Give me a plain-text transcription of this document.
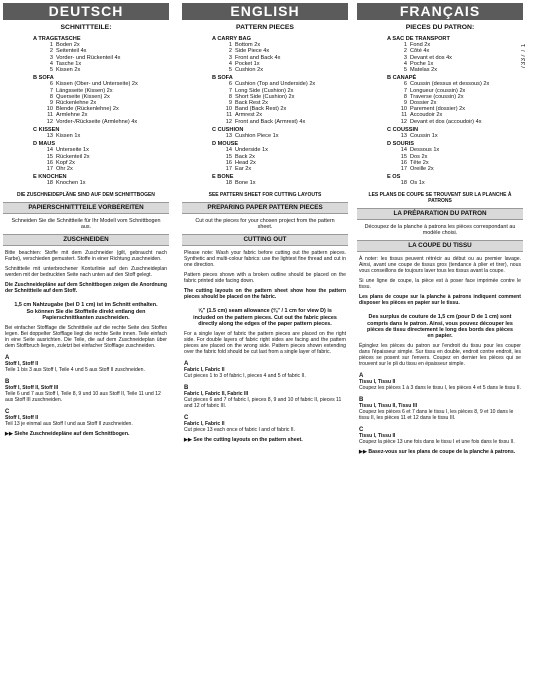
7337 / 1
DEUTSCH
SCHNITTTEILE:
A TRAGETASCHE
1 Boden 2x
2 Seitenteil 4x
3 Vorder- und Rückenteil 4x
4 Tasche 1x
5 Kissen 2x
B SOFA
6 Kissen (Ober- und Unterseite) 2x
7 Längsseite (Kissen) 2x
8 Querseite (Kissen) 2x
9 Rückenlehne 2x
10 Blende (Rückenlehne) 2x
11 Armlehne 2x
12 Vorder-/Rückseite (Armlehne) 4x
C KISSEN
13 Kissen 1x
D MAUS
14 Unterseite 1x
15 Rückenteil 2x
16 Kopf 2x
17 Ohr 2x
E KNOCHEN
18 Knochen 1x
DIE ZUSCHNEIDEPLÄNE SIND AUF DEM SCHNITTBOGEN
PAPIERSCHNITTTEILE VORBEREITEN
Schneiden Sie die Schnittteile für Ihr Modell vom Schnittbogen aus.
ZUSCHNEIDEN
Bitte beachten: Stoffe mit dem Zuschneider (gilt, gebraucht nach Farbe), verschieden gemustert. Stoffe in einer Richtung zuschneiden.
Schnittteile mit unterbrochener Konturlinie auf den Zuschneideplan werden mit der bedruckten Seite nach unten auf den Stoff gelegt.
Die Zuschneidepläne auf dem Schnittbogen zeigen die Anordnung der Schnittteile auf dem Stoff.
1,5 cm Nahtzugabe (bei D 1 cm) ist im Schnitt enthalten. So können Sie die Stoffteile direkt entlang den Papierschnittkanten zuschneiden.
Bei einfacher Stofflage die Schnittteile auf die rechte Seite des Stoffes legen. Bei doppelter Stofflage liegt die rechte Seite innen. Teile einfach in eine Seite ausrichten. Die Teile, die auf dem Zuschneideplan über dem Stoffbruch liegen, zuletzt bei einfacher Stofflage zuschneiden.
A
Stoff I, Stoff II
Teile 1 bis 3 aus Stoff I, Teile 4 und 5 aus Stoff II zuschneiden.
B
Stoff I, Stoff II, Stoff III
Teile 6 und 7 aus Stoff I, Teile 8, 9 und 10 aus Stoff II, Teile 11 und 12 aus Stoff III zuschneiden.
C
Stoff I, Stoff II
Teil 13 je einmal aus Stoff I und aus Stoff II zuschneiden.
▶▶ Siehe Zuschneidepläne auf dem Schnittbogen.
ENGLISH
PATTERN PIECES
A CARRY BAG
1 Bottom 2x
2 Side Piece 4x
3 Front and Back 4x
4 Pocket 1x
5 Cushion 2x
B SOFA
6 Cushion (Top and Underside) 2x
7 Long Side (Cushion) 2x
8 Short Side (Cushion) 2x
9 Back Rest 2x
10 Band (Back Rest) 2x
11 Armrest 2x
12 Front and Back (Armrest) 4x
C CUSHION
13 Cushion Piece 1x
D MOUSE
14 Underside 1x
15 Back 2x
16 Head 2x
17 Ear 2x
E BONE
18 Bone 1x
SEE PATTERN SHEET FOR CUTTING LAYOUTS
PREPARING PAPER PATTERN PIECES
Cut out the pieces for your chosen project from the pattern sheet.
CUTTING OUT
Please note: Wash your fabric before cutting out the pattern pieces. Synthetic and multi-colour fabrics: use the lightest fine thread and cut in one direction.
Pattern pieces shown with a broken outline should be placed on the fabric printed side facing down.
The cutting layouts on the pattern sheet show how the pattern pieces should be placed on the fabric.
⅝" (1.5 cm) seam allowance (⅜" / 1 cm for view D) is included on the pattern pieces. Cut out the fabric pieces directly along the edges of the paper pattern pieces.
For a single layer of fabric the pattern pieces are placed on the right side. For double layers of fabric right sides are facing and the pattern pieces are placed on the wrong side. Pattern pieces shown extending over the fabric fold should be cut last from a single layer of fabric.
A
Fabric I, Fabric II
Cut pieces 1 to 3 of fabric I, pieces 4 and 5 of fabric II.
B
Fabric I, Fabric II, Fabric III
Cut pieces 6 and 7 of fabric I, pieces 8, 9 and 10 of fabric II, pieces 11 and 12 of fabric III.
C
Fabric I, Fabric II
Cut piece 13 each once of fabric I and of fabric II.
▶▶ See the cutting layouts on the pattern sheet.
FRANÇAIS
PIECES DU PATRON:
A SAC DE TRANSPORT
1 Fond 2x
2 Côté 4x
3 Devant et dos 4x
4 Poche 1x
5 Matelas 2x
B CANAPÉ
6 Coussin (dessus et dessous) 2x
7 Longueur (coussin) 2x
8 Traverse (coussin) 2x
9 Dossier 2x
10 Parement (dossier) 2x
11 Accoudoir 2x
12 Devant et dos (accoudoir) 4x
C COUSSIN
13 Coussin 1x
D SOURIS
14 Dessous 1x
15 Dos 2x
16 Tête 2x
17 Oreille 2x
E OS
18 Os 1x
LES PLANS DE COUPE SE TROUVENT SUR LA PLANCHE À PATRONS
LA PRÉPARATION DU PATRON
Découpez de la planche à patrons les pièces correspondant au modèle choisi.
LA COUPE DU TISSU
À noter: les tissus peuvent rétrécir au début ou au premier lavage. Ainsi, avant une coupe de tissus gros (tendance à plier et tirer), nous vous conseillons de toujours laver tous les tissus avant la coupe.
Si une ligne de coupe, la pièce est à poser face imprimée contre le tissu.
Les plans de coupe sur la planche à patrons indiquent comment disposer les pièces en papier sur le tissu.
Des surplus de couture de 1,5 cm (pour D de 1 cm) sont compris dans le patron. Ainsi, vous pouvez découper les pièces de tissu directement le long des bords des pièces en papier.
Épinglez les pièces du patron sur l'endroit du tissu pour les couper dans l'épaisseur simple. Sur tissu en double, endroit contre endroit, les pièces se posent sur l'envers. Coupez en dernier les pièces qui se trouvent sur le pli du tissu en épaisseur simple.
A
Tissu I, Tissu II
Coupez les pièces 1 à 3 dans le tissu I, les pièces 4 et 5 dans le tissu II.
B
Tissu I, Tissu II, Tissu III
Coupez les pièces 6 et 7 dans le tissu I, les pièces 8, 9 et 10 dans le tissu II, les pièces 11 et 12 dans le tissu III.
C
Tissu I, Tissu II
Coupez la pièce 13 une fois dans le tissu I et une fois dans le tissu II.
▶▶ Basez-vous sur les plans de coupe de la planche à patrons.
